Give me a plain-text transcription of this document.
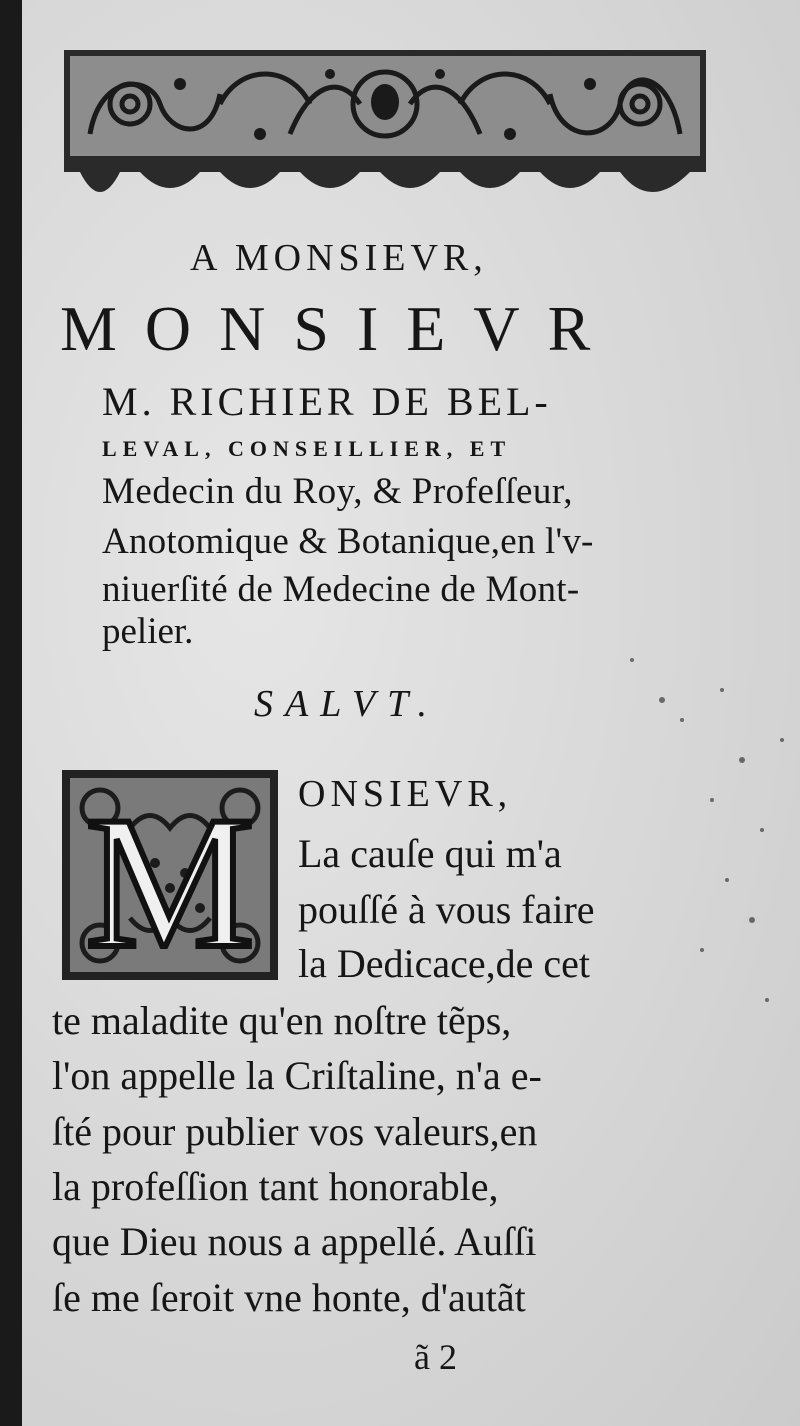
A MONSIEVR,
MONSIEVR
M. RICHIER DE BEL-
LEVAL, CONSEILLIER, ET
Medecin du Roy, & Profeſſeur,
Anotomique & Botanique,en l'v-
niuerſité de Medecine de Mont-
pelier.
SALVT.
M ONSIEVR,
La cauſe qui m'a
pouſſé à vous faire
la Dedicace,de cet
te maladite qu'en noſtre tẽps,
l'on appelle la Criſtaline, n'a e-
ſté pour publier vos valeurs,en
la profeſſion tant honorable,
que Dieu nous a appellé. Auſſi
ſe me ſeroit vne honte, d'autãt
ã 2
